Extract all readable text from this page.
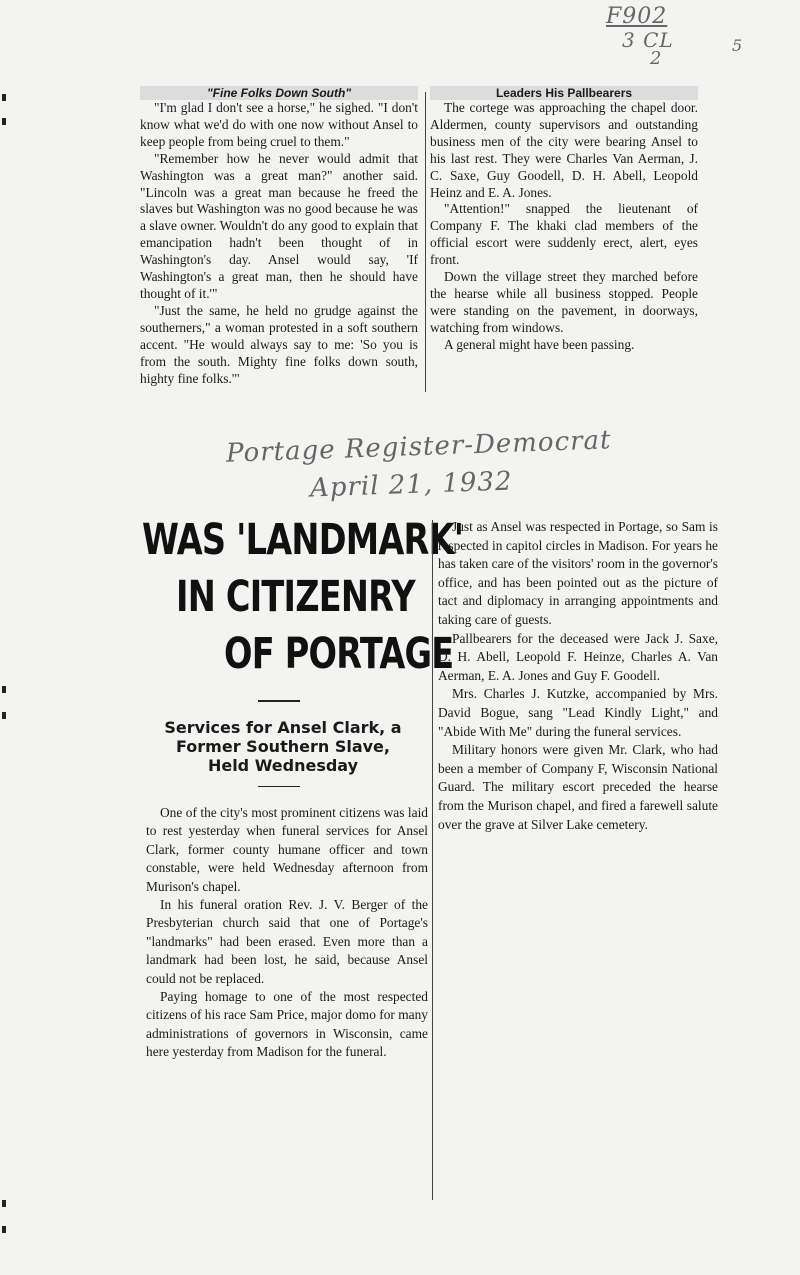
F902
3 CL
2
5
"Fine Folks Down South"

"I'm glad I don't see a horse," he sighed. "I don't know what we'd do with one now without Ansel to keep people from being cruel to them."

"Remember how he never would admit that Washington was a great man?" another said. "Lincoln was a great man because he freed the slaves but Washington was no good because he was a slave owner. Wouldn't do any good to explain that emancipation hadn't been thought of in Washington's day. Ansel would say, 'If Washington's a great man, then he should have thought of it.'"

"Just the same, he held no grudge against the southerners," a woman protested in a soft southern accent. "He would always say to me: 'So you is from the south. Mighty fine folks down south, highty fine folks.'"

Leaders His Pallbearers

The cortege was approaching the chapel door. Aldermen, county supervisors and outstanding business men of the city were bearing Ansel to his last rest. They were Charles Van Aerman, J. C. Saxe, Guy Goodell, D. H. Abell, Leopold Heinz and E. A. Jones.

"Attention!" snapped the lieutenant of Company F. The khaki clad members of the official escort were suddenly erect, alert, eyes front.

Down the village street they marched before the hearse while all business stopped. People were standing on the pavement, in doorways, watching from windows.

A general might have been passing.

Portage Register-Democrat
April 21, 1932
WAS 'LANDMARK'
IN CITIZENRY
OF PORTAGE
Services for Ansel Clark, a
Former Southern Slave,
Held Wednesday

One of the city's most prominent citizens was laid to rest yesterday when funeral services for Ansel Clark, former county humane officer and town constable, were held Wednesday afternoon from Murison's chapel.

In his funeral oration Rev. J. V. Berger of the Presbyterian church said that one of Portage's "landmarks" had been erased. Even more than a landmark had been lost, he said, because Ansel could not be replaced.

Paying homage to one of the most respected citizens of his race Sam Price, major domo for many administrations of governors in Wisconsin, came here yesterday from Madison for the funeral.

Just as Ansel was respected in Portage, so Sam is respected in capitol circles in Madison. For years he has taken care of the visitors' room in the governor's office, and has been pointed out as the picture of tact and diplomacy in arranging appointments and taking care of guests.

Pallbearers for the deceased were Jack J. Saxe, D. H. Abell, Leopold F. Heinze, Charles A. Van Aerman, E. A. Jones and Guy F. Goodell.

Mrs. Charles J. Kutzke, accompanied by Mrs. David Bogue, sang "Lead Kindly Light," and "Abide With Me" during the funeral services.

Military honors were given Mr. Clark, who had been a member of Company F, Wisconsin National Guard. The military escort preceded the hearse from the Murison chapel, and fired a farewell salute over the grave at Silver Lake cemetery.
